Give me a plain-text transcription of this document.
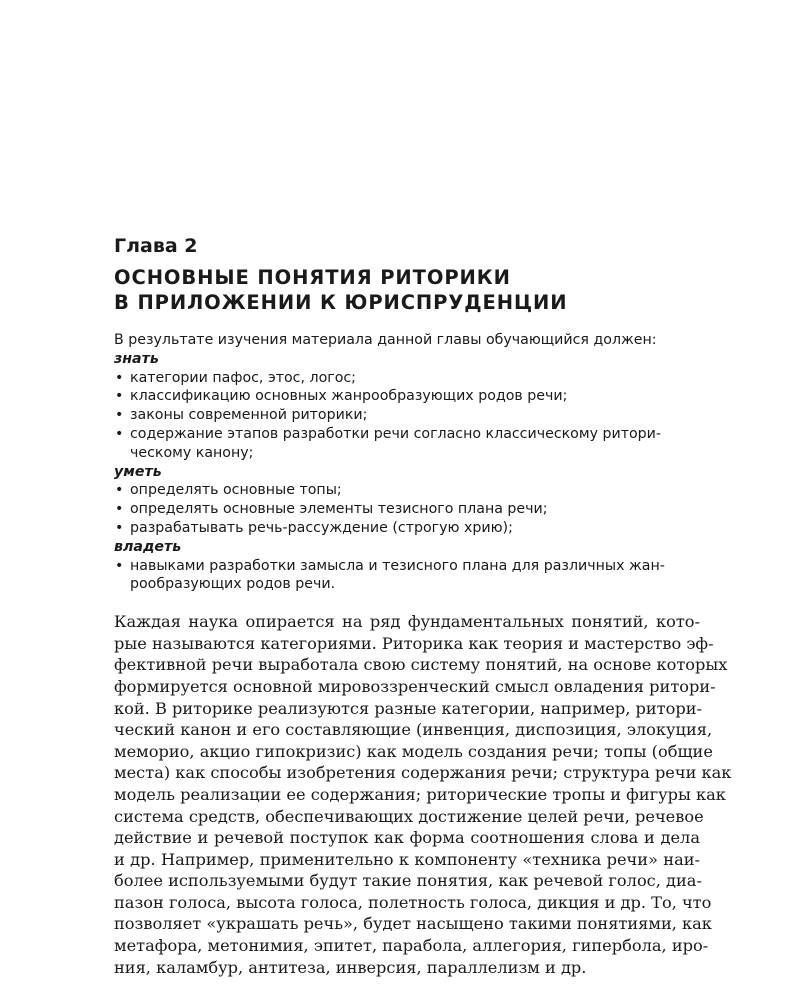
Глава 2
ОСНОВНЫЕ ПОНЯТИЯ РИТОРИКИ
В ПРИЛОЖЕНИИ К ЮРИСПРУДЕНЦИИ

В результате изучения материала данной главы обучающийся должен:

знать

• категории пафос, этос, логос;
• классификацию основных жанрообразующих родов речи;
• законы современной риторики;
• содержание этапов разработки речи согласно классическому ритори-
ческому канону;

уметь

• определять основные топы;
• определять основные элементы тезисного плана речи;
• разрабатывать речь-рассуждение (строгую хрию);

владеть

• навыками разработки замысла и тезисного плана для различных жан-
рообразующих родов речи.
Каждая наука опирается на ряд фундаментальных понятий, кото-
рые называются категориями. Риторика как теория и мастерство эф-
фективной речи выработала свою систему понятий, на основе которых
формируется основной мировоззренческий смысл овладения ритори-
кой. В риторике реализуются разные категории, например, ритори-
ческий канон и его составляющие (инвенция, диспозиция, элокуция,
меморио, акцио гипокризис) как модель создания речи; топы (общие
места) как способы изобретения содержания речи; структура речи как
модель реализации ее содержания; риторические тропы и фигуры как
система средств, обеспечивающих достижение целей речи, речевое
действие и речевой поступок как форма соотношения слова и дела
и др. Например, применительно к компоненту «техника речи» наи-
более используемыми будут такие понятия, как речевой голос, диа-
пазон голоса, высота голоса, полетность голоса, дикция и др. То, что
позволяет «украшать речь», будет насыщено такими понятиями, как
метафора, метонимия, эпитет, парабола, аллегория, гипербола, иро-
ния, каламбур, антитеза, инверсия, параллелизм и др.
